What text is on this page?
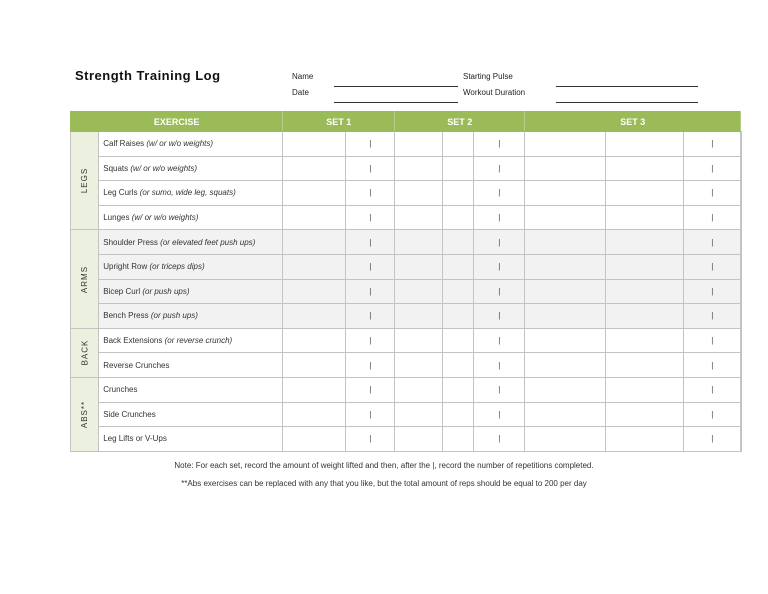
Strength Training Log	Name
Date
Starting Pulse
Workout Duration
EXERCISE		SET 1		SET 2			SET 3			
LEGS	Calf Raises (w/ or w/o weights)		|			|			|	
	Squats (w/ or w/o weights)		|			|			|	
	Leg Curls (or sumo, wide leg, squats)		|			|			|	
	Lunges (w/ or w/o weights)		|			|			|	
ARMS	Shoulder Press (or elevated feet push ups)		|			|			|	
	Upright Row (or triceps dips)		|			|			|	
	Bicep Curl (or push ups)		|			|			|	
	Bench Press (or push ups)		|			|			|	
BACK	Back Extensions (or reverse crunch)		|			|			|	
	Reverse Crunches		|			|			|	
ABS**	Crunches		|			|			|	
	Side Crunches		|			|			|	
	Leg Lifts or V-Ups		|			|			|	
Note: For each set, record the amount of weight lifted and then, after the |, record the number of repetitions completed.
**Abs exercises can be replaced with any that you like, but the total amount of reps should be equal to 200 per day
